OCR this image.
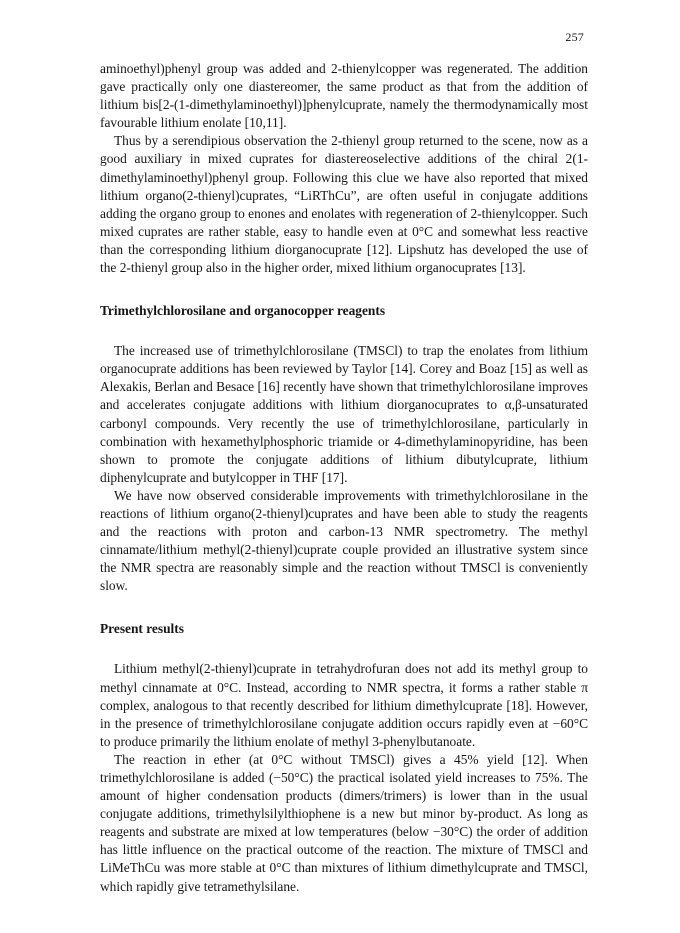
257

aminoethyl)phenyl group was added and 2-thienylcopper was regenerated. The addition gave practically only one diastereomer, the same product as that from the addition of lithium bis[2-(1-dimethylaminoethyl)]phenylcuprate, namely the thermodynamically most favourable lithium enolate [10,11].

Thus by a serendipious observation the 2-thienyl group returned to the scene, now as a good auxiliary in mixed cuprates for diastereoselective additions of the chiral 2(1-dimethylaminoethyl)phenyl group. Following this clue we have also reported that mixed lithium organo(2-thienyl)cuprates, “LiRThCu”, are often useful in conjugate additions adding the organo group to enones and enolates with regeneration of 2-thienylcopper. Such mixed cuprates are rather stable, easy to handle even at 0°C and somewhat less reactive than the corresponding lithium diorganocuprate [12]. Lipshutz has developed the use of the 2-thienyl group also in the higher order, mixed lithium organocuprates [13].

Trimethylchlorosilane and organocopper reagents

The increased use of trimethylchlorosilane (TMSCl) to trap the enolates from lithium organocuprate additions has been reviewed by Taylor [14]. Corey and Boaz [15] as well as Alexakis, Berlan and Besace [16] recently have shown that trimethylchlorosilane improves and accelerates conjugate additions with lithium diorganocuprates to α,β-unsaturated carbonyl compounds. Very recently the use of trimethylchlorosilane, particularly in combination with hexamethylphosphoric triamide or 4-dimethylaminopyridine, has been shown to promote the conjugate additions of lithium dibutylcuprate, lithium diphenylcuprate and butylcopper in THF [17].

We have now observed considerable improvements with trimethylchlorosilane in the reactions of lithium organo(2-thienyl)cuprates and have been able to study the reagents and the reactions with proton and carbon-13 NMR spectrometry. The methyl cinnamate/lithium methyl(2-thienyl)cuprate couple provided an illustrative system since the NMR spectra are reasonably simple and the reaction without TMSCl is conveniently slow.

Present results

Lithium methyl(2-thienyl)cuprate in tetrahydrofuran does not add its methyl group to methyl cinnamate at 0°C. Instead, according to NMR spectra, it forms a rather stable π complex, analogous to that recently described for lithium dimethylcuprate [18]. However, in the presence of trimethylchlorosilane conjugate addition occurs rapidly even at −60°C to produce primarily the lithium enolate of methyl 3-phenylbutanoate.

The reaction in ether (at 0°C without TMSCl) gives a 45% yield [12]. When trimethylchlorosilane is added (−50°C) the practical isolated yield increases to 75%. The amount of higher condensation products (dimers/trimers) is lower than in the usual conjugate additions, trimethylsilylthiophene is a new but minor by-product. As long as reagents and substrate are mixed at low temperatures (below −30°C) the order of addition has little influence on the practical outcome of the reaction. The mixture of TMSCl and LiMeThCu was more stable at 0°C than mixtures of lithium dimethylcuprate and TMSCl, which rapidly give tetramethylsilane.
